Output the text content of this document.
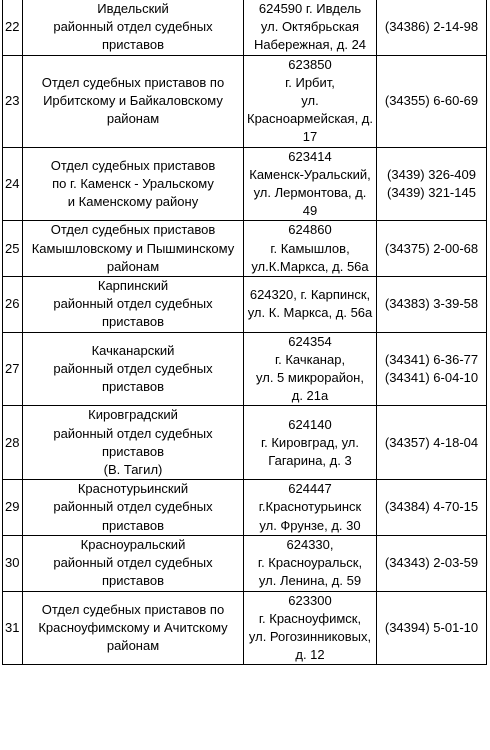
22	Ивдельский
районный отдел судебных
приставов	624590 г. Ивдель
ул. Октябрьская
Набережная, д. 24	(34386) 2-14-98

23	Отдел судебных приставов по
Ирбитскому и Байкаловскому
районам	623850
г. Ирбит,
ул.
Красноармейская, д.
17	(34355) 6-60-69

24	Отдел судебных приставов
по г. Каменск - Уральскому
и Каменскому району	623414
Каменск-Уральский,
ул. Лермонтова, д.
49	(3439) 326-409
(3439) 321-145

25	Отдел судебных приставов
Камышловскому и Пышминскому
районам	624860
г. Камышлов,
ул.К.Маркса, д. 56а	(34375) 2-00-68

26	Карпинский
районный отдел судебных
приставов	624320, г. Карпинск,
ул. К. Маркса, д. 56а	(34383) 3-39-58

27	Качканарский
районный отдел судебных
приставов	624354
г. Качканар,
ул. 5 микрорайон,
д. 21а	(34341) 6-36-77
(34341) 6-04-10

28	Кировградский
районный отдел судебных
приставов
(В. Тагил)	624140
г. Кировград, ул.
Гагарина, д. 3	(34357) 4-18-04

29	Краснотурьинский
районный отдел судебных
приставов	624447
г.Краснотурьинск
ул. Фрунзе, д. 30	(34384) 4-70-15

30	Красноуральский
районный отдел судебных
приставов	624330,
г. Красноуральск,
ул. Ленина, д. 59	(34343) 2-03-59

31	Отдел судебных приставов по
Красноуфимскому и Ачитскому
районам	623300
г. Красноуфимск,
ул. Рогозинниковых,
д. 12	(34394) 5-01-10
